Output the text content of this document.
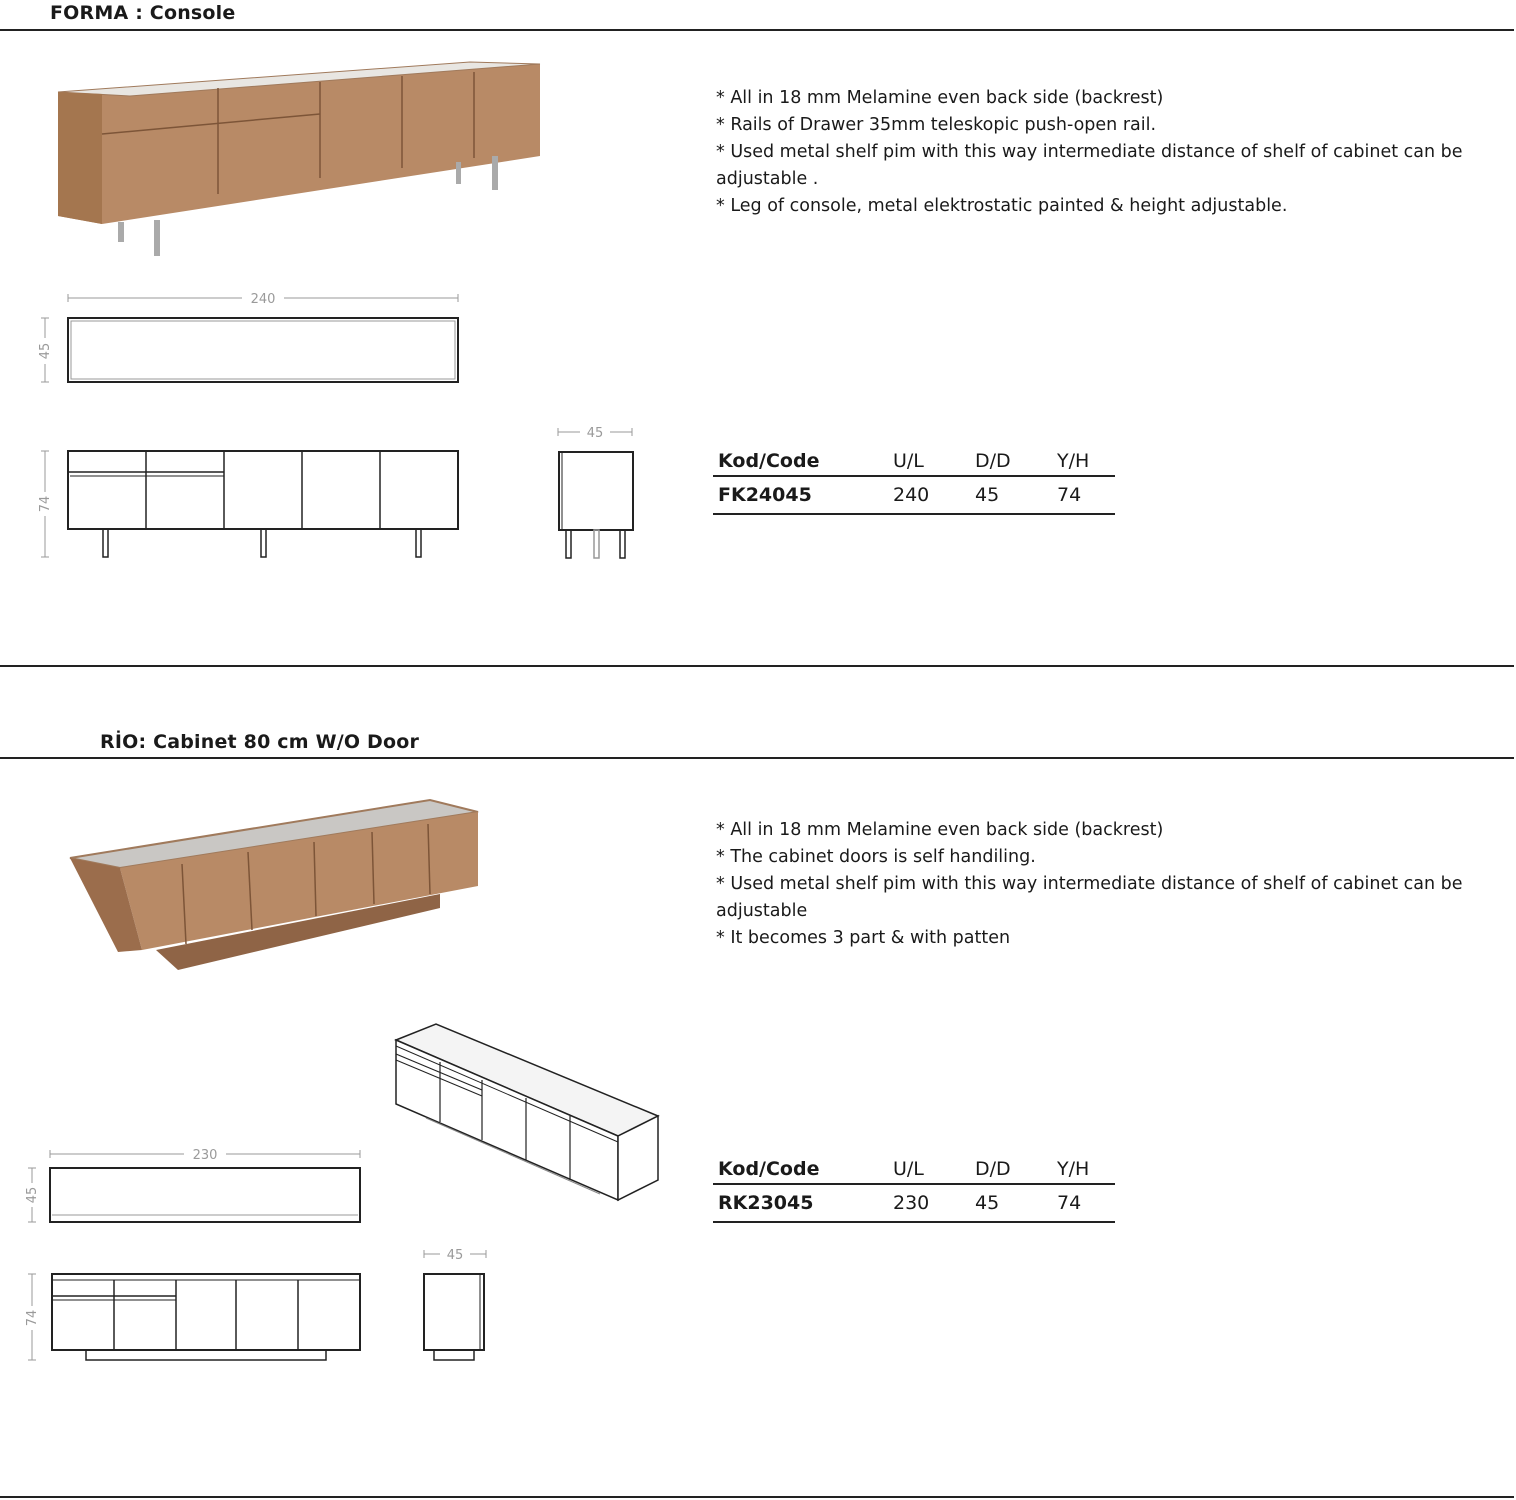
FORMA : Console
* All in 18 mm Melamine even back side (backrest)
* Rails of Drawer 35mm teleskopic push-open rail.
* Used metal shelf pim with this way intermediate distance of shelf of cabinet can be adjustable .
* Leg of console, metal elektrostatic painted & height adjustable.
240
45
74
45
Kod/Code	U/L	D/D	Y/H
FK24045	240	45	74
RİO: Cabinet 80 cm W/O Door
* All in 18 mm Melamine even back side (backrest)
* The cabinet doors is self handiling.
* Used metal shelf pim with this way intermediate distance of shelf of cabinet can be adjustable
* It becomes 3 part & with patten
230
45
74
45
Kod/Code	U/L	D/D	Y/H
RK23045	230	45	74
